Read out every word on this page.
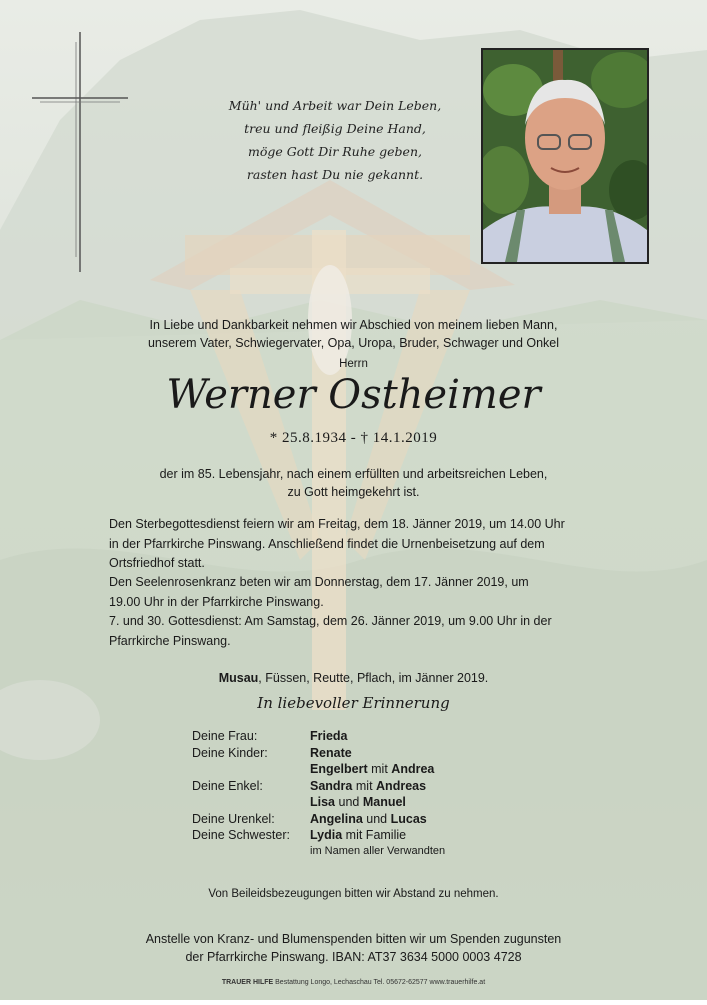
Müh' und Arbeit war Dein Leben,
treu und fleißig Deine Hand,
möge Gott Dir Ruhe geben,
rasten hast Du nie gekannt.
In Liebe und Dankbarkeit nehmen wir Abschied von meinem lieben Mann,
unserem Vater, Schwiegervater, Opa, Uropa, Bruder, Schwager und Onkel
Herrn
Werner Ostheimer
* 25.8.1934 - † 14.1.2019
der im 85. Lebensjahr, nach einem erfüllten und arbeitsreichen Leben,
zu Gott heimgekehrt ist.
Den Sterbegottesdienst feiern wir am Freitag, dem 18. Jänner 2019, um 14.00 Uhr
in der Pfarrkirche Pinswang. Anschließend findet die Urnenbeisetzung auf dem
Ortsfriedhof statt.
Den Seelenrosenkranz beten wir am Donnerstag, dem 17. Jänner 2019, um
19.00 Uhr in der Pfarrkirche Pinswang.
7. und 30. Gottesdienst: Am Samstag, dem 26. Jänner 2019, um 9.00 Uhr in der
Pfarrkirche Pinswang.
Musau, Füssen, Reutte, Pflach, im Jänner 2019.
In liebevoller Erinnerung
Deine Frau:	Frieda
Deine Kinder:	Renate
Engelbert mit Andrea
Deine Enkel:	Sandra mit Andreas
Lisa und Manuel
Deine Urenkel:	Angelina und Lucas
Deine Schwester: Lydia mit Familie
im Namen aller Verwandten
Von Beileidsbezeugungen bitten wir Abstand zu nehmen.
Anstelle von Kranz- und Blumenspenden bitten wir um Spenden zugunsten
der Pfarrkirche Pinswang. IBAN: AT37 3634 5000 0003 4728
TRAUER HILFE Bestattung Longo, Lechaschau Tel. 05672-62577 www.trauerhilfe.at
